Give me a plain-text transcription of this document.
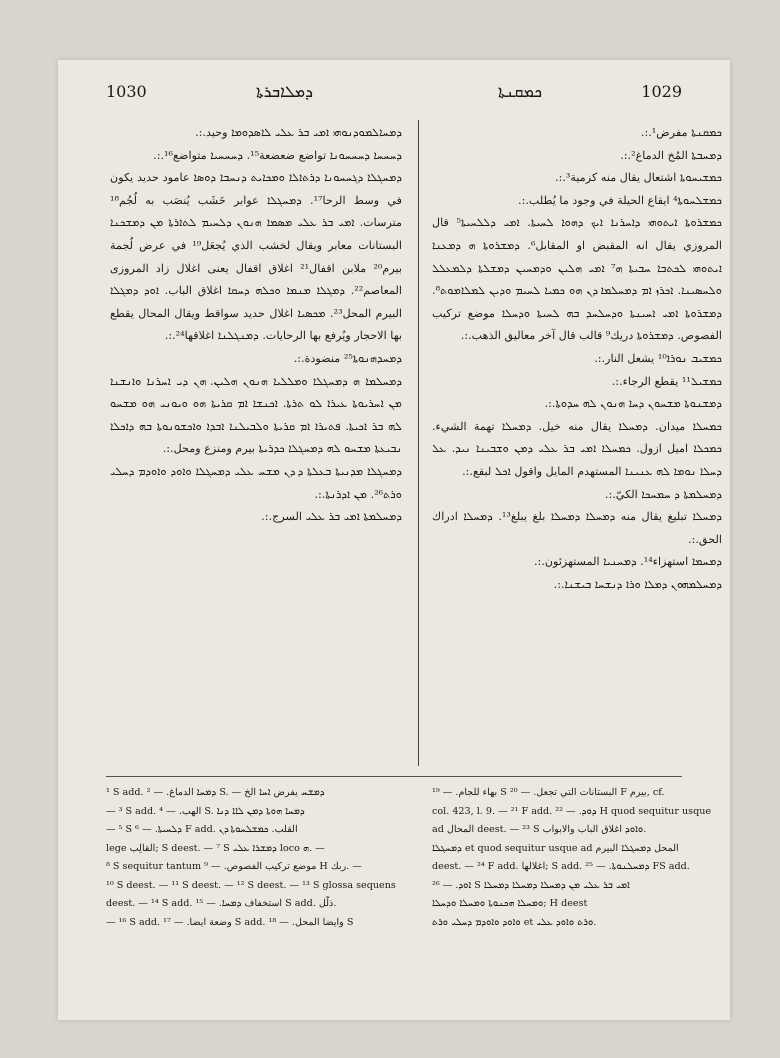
1030	ܕܡܠܐܒܪܬܐ	ܟܡܩܢܬܐ	1029

ܕܡܚܐܠܡܘܕܢܘܗܝ ܐܡܝ ܒܪ ܥܠܝ ܠܐܣܕܘܡܐ وحيد.:.

ܕܚܚܚܐ ܕܚܚܚܘܢܐ تواضع ضعضعة¹⁵. ܕܚܚܚܝܐ متواضع¹⁶.:.

ܕܡܚܓܠܐ ܕܓܚܚܘܢܐ ܕܪܬܐܠܐ ܘܡܟܐܝܬ ܕܢܚܒܐ ܕܘܣܐ عامود حديد يكون في وسط الرحا¹⁷. ܕܡܚܓܠܐ عوابر خَشَب يُنصَب به لُجُم¹⁸ مترسات. ܐܡܝ ܒܪ ܥܠܝ ܡܣܡܐ ܗܢܘܢ ܕܠܚܝܡ ܠܬܐܪܬܐ ܡܢ ܕܡܫܟܢܐ البستانات معابر ويقال لخشب الذي يُجعَل¹⁹ في عرض لُجمة بيرم²⁰ ملابن اقفال²¹ اغلاق اقفال يعنى اغلال زاد المروزى المعاصم²². ܕܡܓܠܐ ܡܢܡܐ ܘܟܠܗ ܕܚܩܐ اغلاق الباب. ܐܘܕ ܕܡܓܠܐ البيرم المحل²³. ܡܟܣܝܐ اغلال حديد سواقط ويقال المحال يقطع بها الاحجار ويُرفع بها الرحايات. ܕܡܢܓܠܢܐ اغلاقها²⁴.:.

ܕܡܚܕܗܢܘܬܐ²⁵ منضودة.:.

ܕܡܚܠܡܐ ܗ ܕܡܚܓܠܐ ܘܡܠܠܝܐ ܗܢܘܢ ܗܠܝܢ. ܗܢ ܕܝ ܐܚܪܢܐ ܘܐܢܫܢܐ ܡܢ ܐܚܪܝܘܬܐ ܥܝܪܐ ܠܘ ܬܪܬܐ. ܐܟܢܫܐ ܐܡ ܩܪܝܬܐ ܗܘ ܘܝܘܢܝ ܗܘ ܡܫܚܘ ܠܗ ܒܪ ܐܟܝܬܐ. ܦܬܝܪܐ ܐܡ ܩܪܝܬܐ ܘܠܒܝܠܢܐ ܐܒܕܐ ܘܐܟܫܘܢܘܬܐ ܒܗ ܕܐܟܠܐ ܢܒܝܥܬܐ ܡܫܚܘ ܠܗ ܕܡܚܓܠܐ ܟܕܪܝܬܐ بيرم ومنزع ومحل.:.

ܕܡܚܓܠܐ ܡܕܢܝܬܐ ܒܥܠܬܐ ܕ ܕܢ ܡܫܚ ܥܠܝ ܕܡܚܓܠܐ ܘܐܘܕ ܘܐܘܕܡ ܕܚܠܝ ܘܪܬ²⁶. ܡܢ ܐܕܪܢܬܐ.:.

ܕܡܚܠܡܬܐ ܐܡܝ ܒܪ ܥܠܝ السرج.:.

ܟܡܩܢܬܐ مفرض¹.:.

ܕܡܚܒܬܐ المُخ الدماغ².:.

ܟܡܫܝܚܘܬܐ اشتعال يقال منه كزمية³.:.

ܟܡܫܠܚܘܬܐ⁴ ايقاع الحيلة في وجود ما يُطلب.:.

ܟܡܫܪܘܬܐ ܐܝܬܘܗܝ ܕܐܚܪܢܐ ܐܝܟ ܕܗܘܐ ܠܚܝܬܐ. ܐܡܝ ܕܠܠܚܝܬܐ⁵ قال المروزي يقال انه المقبض او المقابل⁶. ܕܡܫܪܘܬܐ ܗ ܕܡܥܢܐ ܐܝܬܘܗܝ ܠܟܬܒܐ ܚܒܝܬܐ ܗ⁷ ܐܡܝ ܗܠܝܢ ܘܕܡܚܝܢ ܕܡܫܠܬܐ ܕܠܡܥܠܠ ܘܠܚܣܝܢܐ. ܐܟܪܙ ܐܡ ܕܡܚܠܡܐ ܕܢ ܗܘ ܟܡܝܐ ܠܚܝܡ ܘܕܝܢ ܠܡܠܐܡܘܬ⁸. ܕܡܫܪܘܬܐ ܐܡܝ ܐܚܝܢܬܐ ܘܕܚܠܚܕ ܒܗ ܠܚܝܬܐ ܘܕܚܠܐ موضع تركيب الفصوص. ܕܡܫܪܘܬܐ دريك⁹ قالب قال آخر معاليق الذهب.:.

ܟܡܫܝܒ ܢܘܪܐ¹⁰ يشعل النار.:.

ܟܡܫܝܠ¹¹ يقطع الرجاء.:.

ܕܡܫܢܘܬܐ ܡܫܚܘܢ ܕܚܐ ܗܢܘܢ ܠܗ ܚܕܘܬܐ.:.

ܟܡܚܠܐ ميدان. ܕܡܚܠܐ يقال منه خيل. ܕܡܚܠܐ تهمة الشيء. ܟܡܟܠܐ اميل ازول. ܟܡܚܠܐ ܐܡܝ ܒܪ ܥܠܝ ܕܡܢ ܘܫܒܝܢܐ ܢܝܕ. ܥܠ ܕܚܠܐ ܢܘܡܐ ܠܗ ܥܢܝܢܐ المستهدم المايل واقول ܐܟܠ لبقع.:.

ܕܡܚܠܡܬܐ ܕ ܚܡܚܟܐ الكيّ.:.

ܕܡܚܠܐ تبليغ يقال منه ܕܡܚܠܐ ܕܡܚܠܐ بلغ يبلغ¹³. ܕܡܚܠܐ ادراك الحق.:.

ܕܡܚܡܐ استهزاء¹⁴. ܕܡܚܢܝܐ المستهزئون.:.

ܕܡܚܠܡܗܘܢ ܕܡܠܐ ܘܪܐ ܕܢܫܚܐ ܒܝܫܢܐ.:.

¹ S add. ܕܡܚܐ الدماغ. — ² S. — ܕܡܫܚ يفرض ܐܚܐ الخ

— ³ S add. الهب. — ⁴ S. ܕܡܚܐ ܗܘܬܐ ܕܡܢ ܠܐܐ ܕܢܐ

— ⁵ S ܕܠܚܝܬܐ. — ⁶ F add. القلب. ܟܡܫܠܚܘܬܐ ܕܢ

lege القالِب; S deest. — ⁷ S ܕܡܫܪܐ ܥܠܝ loco ܗ. —

⁸ S sequitur tantum موضع تركيب الفصوص. — ⁹ H ربك. —

¹⁰ S deest. — ¹¹ S deest. — ¹² S deest. — ¹³ S glossa sequens

deest. — ¹⁴ S add. استخفاف ܕܡܚܐ. — ¹⁵ S add. ذلّل.

— ¹⁶ S add. وضعة ايضا. — ¹⁷ S add. وايضا المحل. — ¹⁸ S

بهاء للجام. — ¹⁹ S البستانات التي تجعل. — ²⁰ F بيرم, cf.

col. 423, l. 9. — ²¹ F add. ܕܘܕ. — ²² H quod sequitur usque

ad المحال deest. — ²³ S ܘܐܘܕ اغلاق الباب والابواب.

ܕܡܚܓܠܐ et quod sequitur usque ad المحل ܕܡܚܓܠܐ البيرم

deest. — ²⁴ F add. اغلالها; S add. ܕܡܚܠܢܘܬܐ. — ²⁵ FS add.

ܐܘܕ. — ²⁶ S ܐܡܝ ܒܪ ܥܠܝ ܡܢ ܕܡܚܠܐ ܕܡܚܠܐ ܕܡܚܠܐ

ܘܡܚܠܐ ܗܟܢܘܬܐ ܘܡܚܠܐ ܘܕܚܠܐ; H deest

ܘܐܘܕ ܘܐܘܕܡ ܕܚܠܝ ܘܪܬ et ܘܪܬ ܘܐܘܕ ܥܠܝ.
